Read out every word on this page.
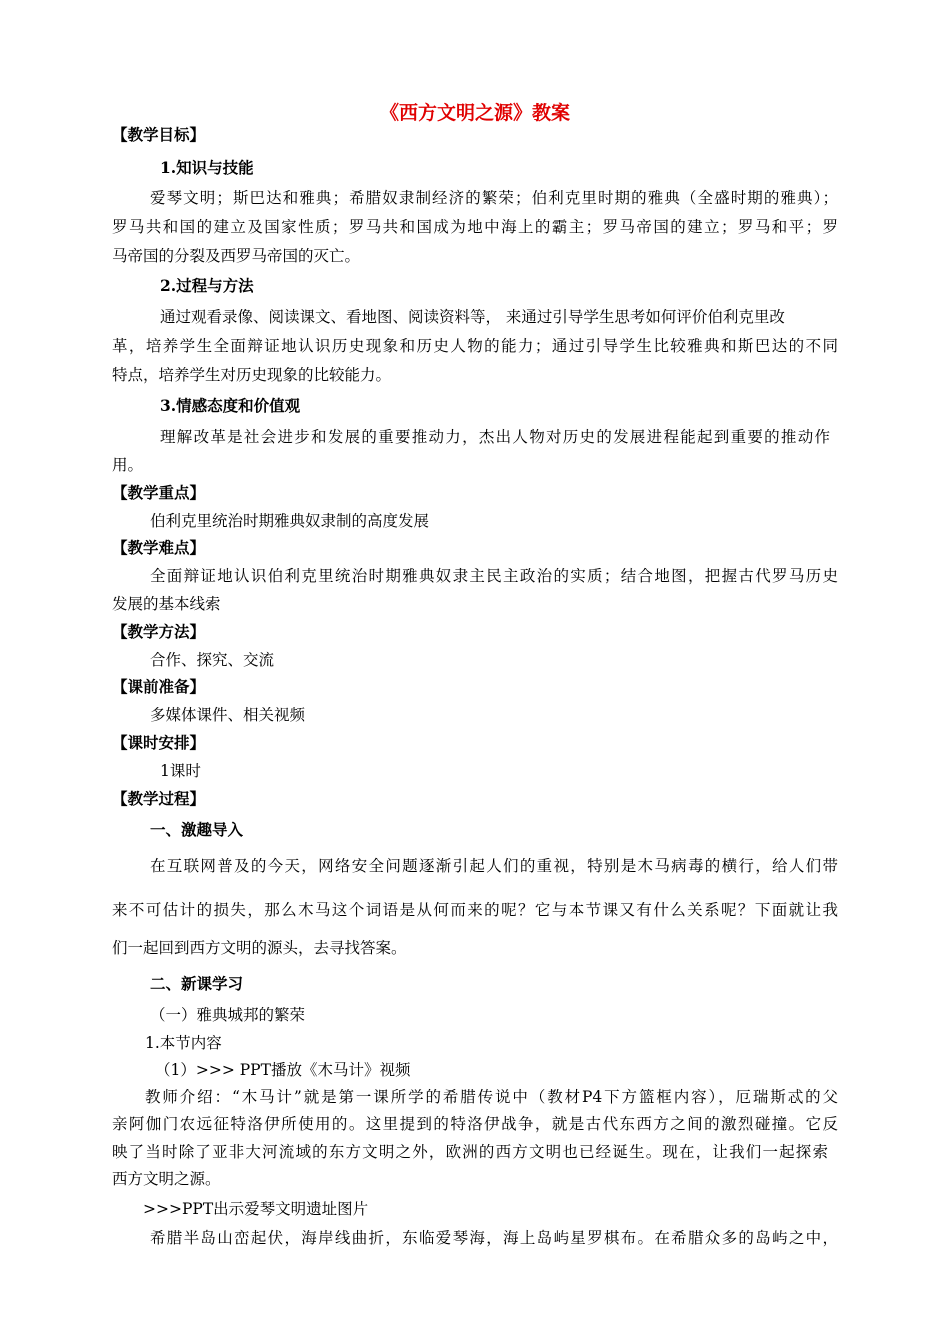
《西方文明之源》教案
【教学目标】
1.知识与技能
爱琴文明；斯巴达和雅典；希腊奴隶制经济的繁荣；伯利克里时期的雅典（全盛时期的雅典）；
罗马共和国的建立及国家性质；罗马共和国成为地中海上的霸主；罗马帝国的建立；罗马和平；罗
马帝国的分裂及西罗马帝国的灭亡。
2.过程与方法
通过观看录像、阅读课文、看地图、阅读资料等， 来通过引导学生思考如何评价伯利克里改
革，培养学生全面辩证地认识历史现象和历史人物的能力；通过引导学生比较雅典和斯巴达的不同
特点，培养学生对历史现象的比较能力。
3.情感态度和价值观
理解改革是社会进步和发展的重要推动力，杰出人物对历史的发展进程能起到重要的推动作
用。
【教学重点】
伯利克里统治时期雅典奴隶制的高度发展
【教学难点】
全面辩证地认识伯利克里统治时期雅典奴隶主民主政治的实质；结合地图，把握古代罗马历史
发展的基本线索
【教学方法】
合作、探究、交流
【课前准备】
多媒体课件、相关视频
【课时安排】
1课时
【教学过程】
一、激趣导入
在互联网普及的今天，网络安全问题逐渐引起人们的重视，特别是木马病毒的横行，给人们带
来不可估计的损失，那么木马这个词语是从何而来的呢？它与本节课又有什么关系呢？下面就让我
们一起回到西方文明的源头，去寻找答案。
二、新课学习
（一）雅典城邦的繁荣
1.本节内容
（1）>>> PPT播放《木马计》视频
教师介绍：“木马计”就是第一课所学的希腊传说中（教材P4下方篮框内容），厄瑞斯忒的父
亲阿伽门农远征特洛伊所使用的。这里提到的特洛伊战争，就是古代东西方之间的激烈碰撞。它反
映了当时除了亚非大河流域的东方文明之外，欧洲的西方文明也已经诞生。现在，让我们一起探索
西方文明之源。
>>>PPT出示爱琴文明遗址图片
希腊半岛山峦起伏，海岸线曲折，东临爱琴海，海上岛屿星罗棋布。在希腊众多的岛屿之中，
